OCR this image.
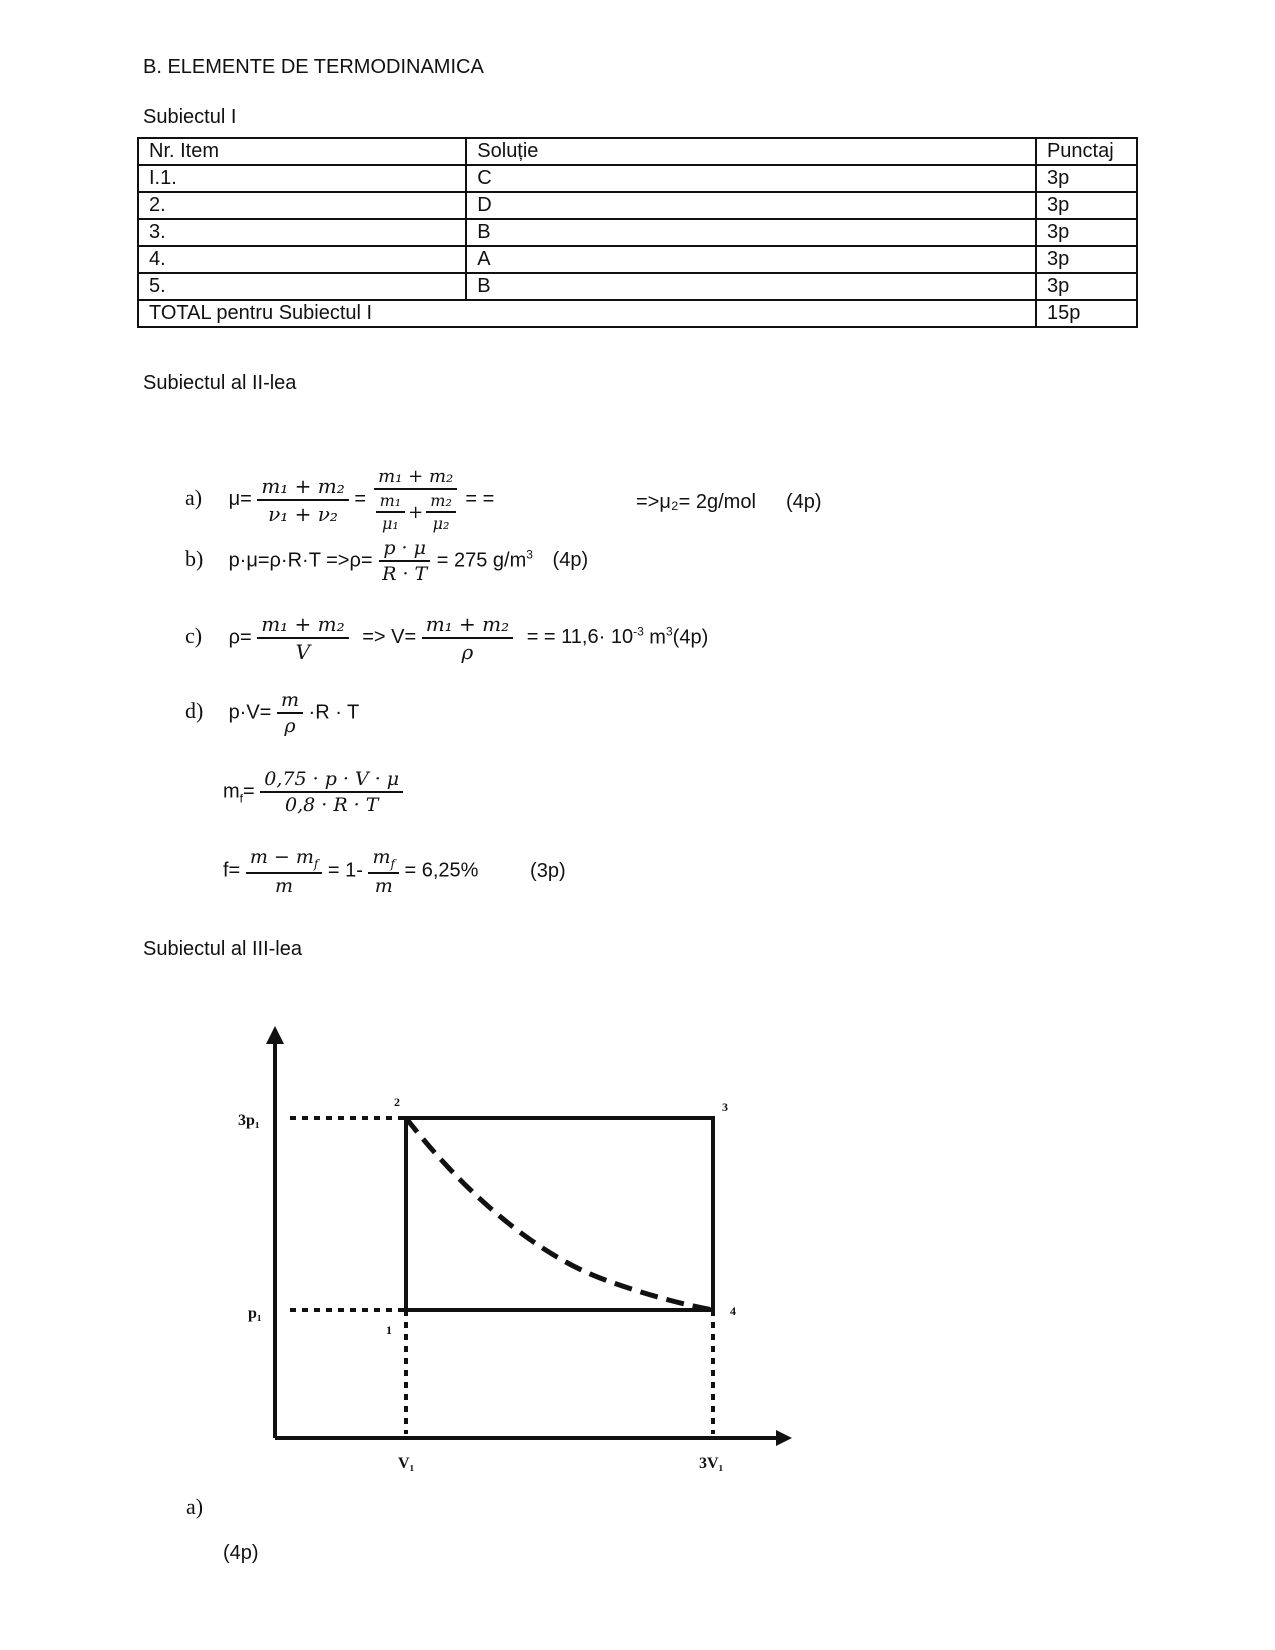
B. ELEMENTE DE TERMODINAMICA
Subiectul I
Nr. Item	Soluție	Punctaj
I.1.	C	3p
2.	D	3p
3.	B	3p
4.	A	3p
5.	B	3p
TOTAL pentru Subiectul I		15p
Subiectul al II-lea
a) $\mu= \frac{\text{m₁ + m₂}}{\text{ν₁ + ν₂}} = \frac{\text{m₁ + m₂}}{\frac{\text{m₁}}{\text{μ₁}} + \frac{\text{m₂}}{\text{μ₂}}}$ = =	=>μ₂= 2g/mol (4p)
b) $p\cdot\mu=\rho\cdot R\cdot T =>\rho= \frac{p \cdot \mu}{R \cdot T} = 275$ $g/m^3$ (4p)
c) $\rho= \frac{\text{m₁ + m₂}}{V} => V= \frac{\text{m₁ + m₂}}{\rho}$ = = $11,6\cdot 10^{-3}$ $m^3(4p)$
d) $p\cdot V= \frac{m}{\rho} \cdot R \cdot T$
$m_f= \frac{0,75 \cdot p \cdot V \cdot \mu}{0,8 \cdot R \cdot T}$
$f= \frac{m - m_f}{m} = 1- \frac{m_f}{m} = 6,25\%$	(3p)
Subiectul al III-lea
3p₁
p₁
V₁	3V₁
1
2	3
4
a)
(4p)
